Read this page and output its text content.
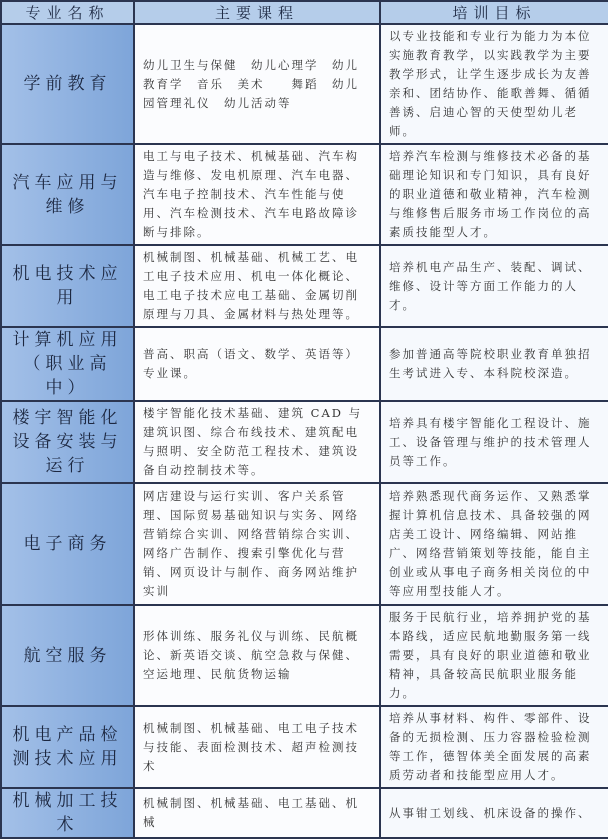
专业名称	主要课程	培训目标
学前教育	幼儿卫生与保健　幼儿心理学　幼儿教育学　音乐　美术　　舞蹈　幼儿园管理礼仪　幼儿活动等	以专业技能和专业行为能力为本位实施教育教学，以实践教学为主要教学形式，让学生逐步成长为友善亲和、团结协作、能歌善舞、循循善诱、启迪心智的天使型幼儿老师。
汽车应用与维修	电工与电子技术、机械基础、汽车构造与维修、发电机原理、汽车电器、汽车电子控制技术、汽车性能与使用、汽车检测技术、汽车电路故障诊断与排除。	培养汽车检测与维修技术必备的基础理论知识和专门知识，具有良好的职业道德和敬业精神，汽车检测与维修售后服务市场工作岗位的高素质技能型人才。
机电技术应用	机械制图、机械基础、机械工艺、电工电子技术应用、机电一体化概论、电工电子技术应电工基础、金属切削原理与刀具、金属材料与热处理等。	培养机电产品生产、装配、调试、维修、设计等方面工作能力的人才。
计算机应用（职业高中）	普高、职高（语文、数学、英语等）专业课。	参加普通高等院校职业教育单独招生考试进入专、本科院校深造。
楼宇智能化设备安装与运行	楼宇智能化技术基础、建筑 CAD 与建筑识图、综合布线技术、建筑配电与照明、安全防范工程技术、建筑设备自动控制技术等。	培养具有楼宇智能化工程设计、施工、设备管理与维护的技术管理人员等工作。
电子商务	网店建设与运行实训、客户关系管理、国际贸易基础知识与实务、网络营销综合实训、网络营销综合实训、网络广告制作、搜索引擎优化与营销、网页设计与制作、商务网站维护实训	培养熟悉现代商务运作、又熟悉掌握计算机信息技术、具备较强的网店美工设计、网络编辑、网站推广、网络营销策划等技能，能自主创业或从事电子商务相关岗位的中等应用型技能人才。
航空服务	形体训练、服务礼仪与训练、民航概论、新英语交谈、航空急救与保健、空运地理、民航货物运输	服务于民航行业，培养拥护党的基本路线，适应民航地勤服务第一线需要，具有良好的职业道德和敬业精神，具备较高民航职业服务能力。
机电产品检测技术应用	机械制图、机械基础、电工电子技术与技能、表面检测技术、超声检测技术	培养从事材料、构件、零部件、设备的无损检测、压力容器检验检测等工作，德智体美全面发展的高素质劳动者和技能型应用人才。
机械加工技术	机械制图、机械基础、电工基础、机械	从事钳工划线、机床设备的操作、
